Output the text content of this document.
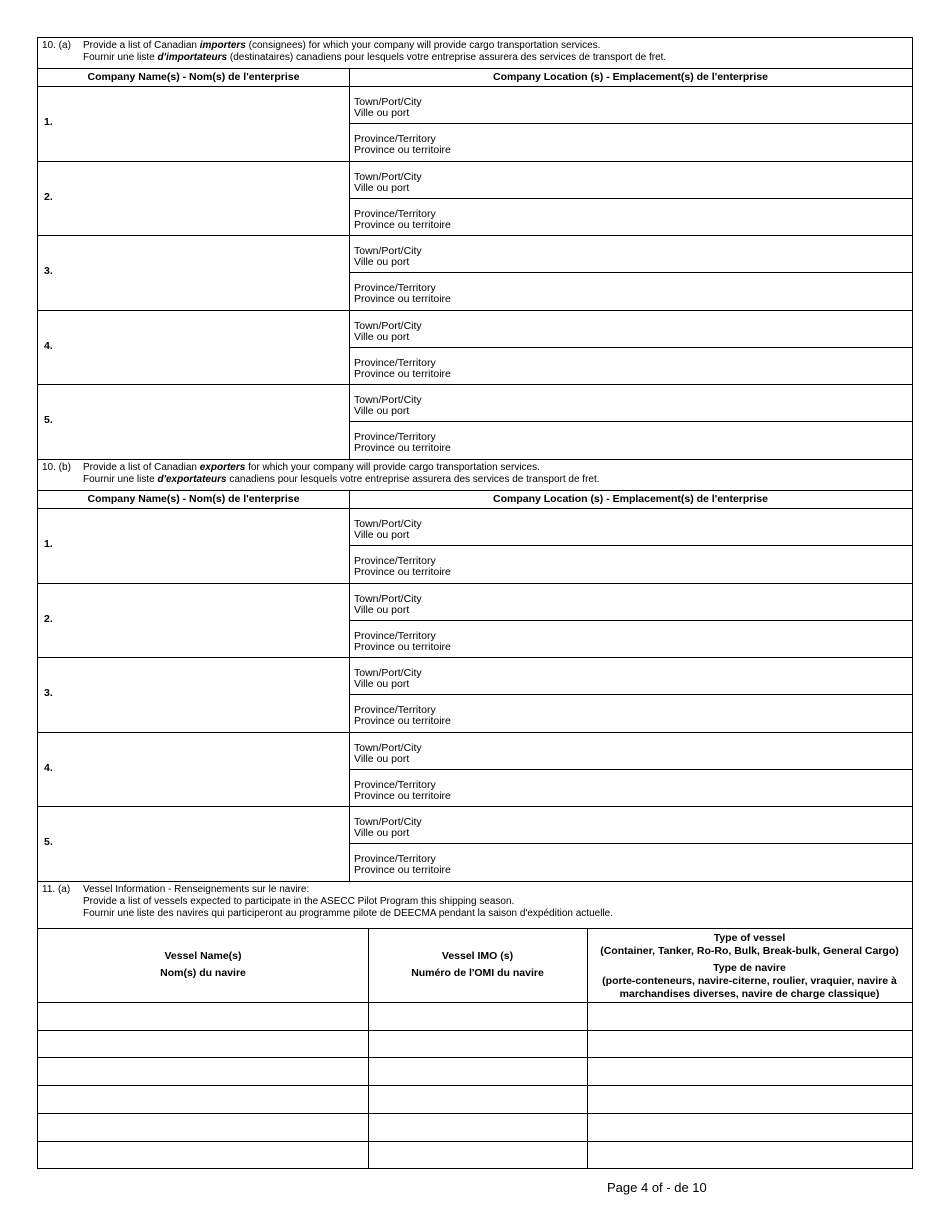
10. (a) Provide a list of Canadian importers (consignees) for which your company will provide cargo transportation services.
Fournir une liste d'importateurs (destinataires) canadiens pour lesquels votre entreprise assurera des services de transport de fret.
Company Name(s) - Nom(s) de l'enterprise	Company Location (s) - Emplacement(s) de l'enterprise
1.
Town/Port/City
Ville ou port
Province/Territory
Province ou territoire
2.
Town/Port/City
Ville ou port
Province/Territory
Province ou territoire
3.
Town/Port/City
Ville ou port
Province/Territory
Province ou territoire
4.
Town/Port/City
Ville ou port
Province/Territory
Province ou territoire
5.
Town/Port/City
Ville ou port
Province/Territory
Province ou territoire
10. (b) Provide a list of Canadian exporters for which your company will provide cargo transportation services.
Fournir une liste d'exportateurs canadiens pour lesquels votre entreprise assurera des services de transport de fret.
Company Name(s) - Nom(s) de l'enterprise	Company Location (s) - Emplacement(s) de l'enterprise
1.
Town/Port/City
Ville ou port
Province/Territory
Province ou territoire
2.
Town/Port/City
Ville ou port
Province/Territory
Province ou territoire
3.
Town/Port/City
Ville ou port
Province/Territory
Province ou territoire
4.
Town/Port/City
Ville ou port
Province/Territory
Province ou territoire
5.
Town/Port/City
Ville ou port
Province/Territory
Province ou territoire
11. (a) Vessel Information - Renseignements sur le navire:
Provide a list of vessels expected to participate in the ASECC Pilot Program this shipping season.
Fournir une liste des navires qui participeront au programme pilote de DEECMA pendant la saison d'expédition actuelle.
Vessel Name(s)
Nom(s) du navire
Vessel IMO (s)
Numéro de l'OMI du navire
Type of vessel
(Container, Tanker, Ro-Ro, Bulk, Break-bulk, General Cargo)
Type de navire
(porte-conteneurs, navire-citerne, roulier, vraquier, navire à
marchandises diverses, navire de charge classique)
Page 4 of - de 10
